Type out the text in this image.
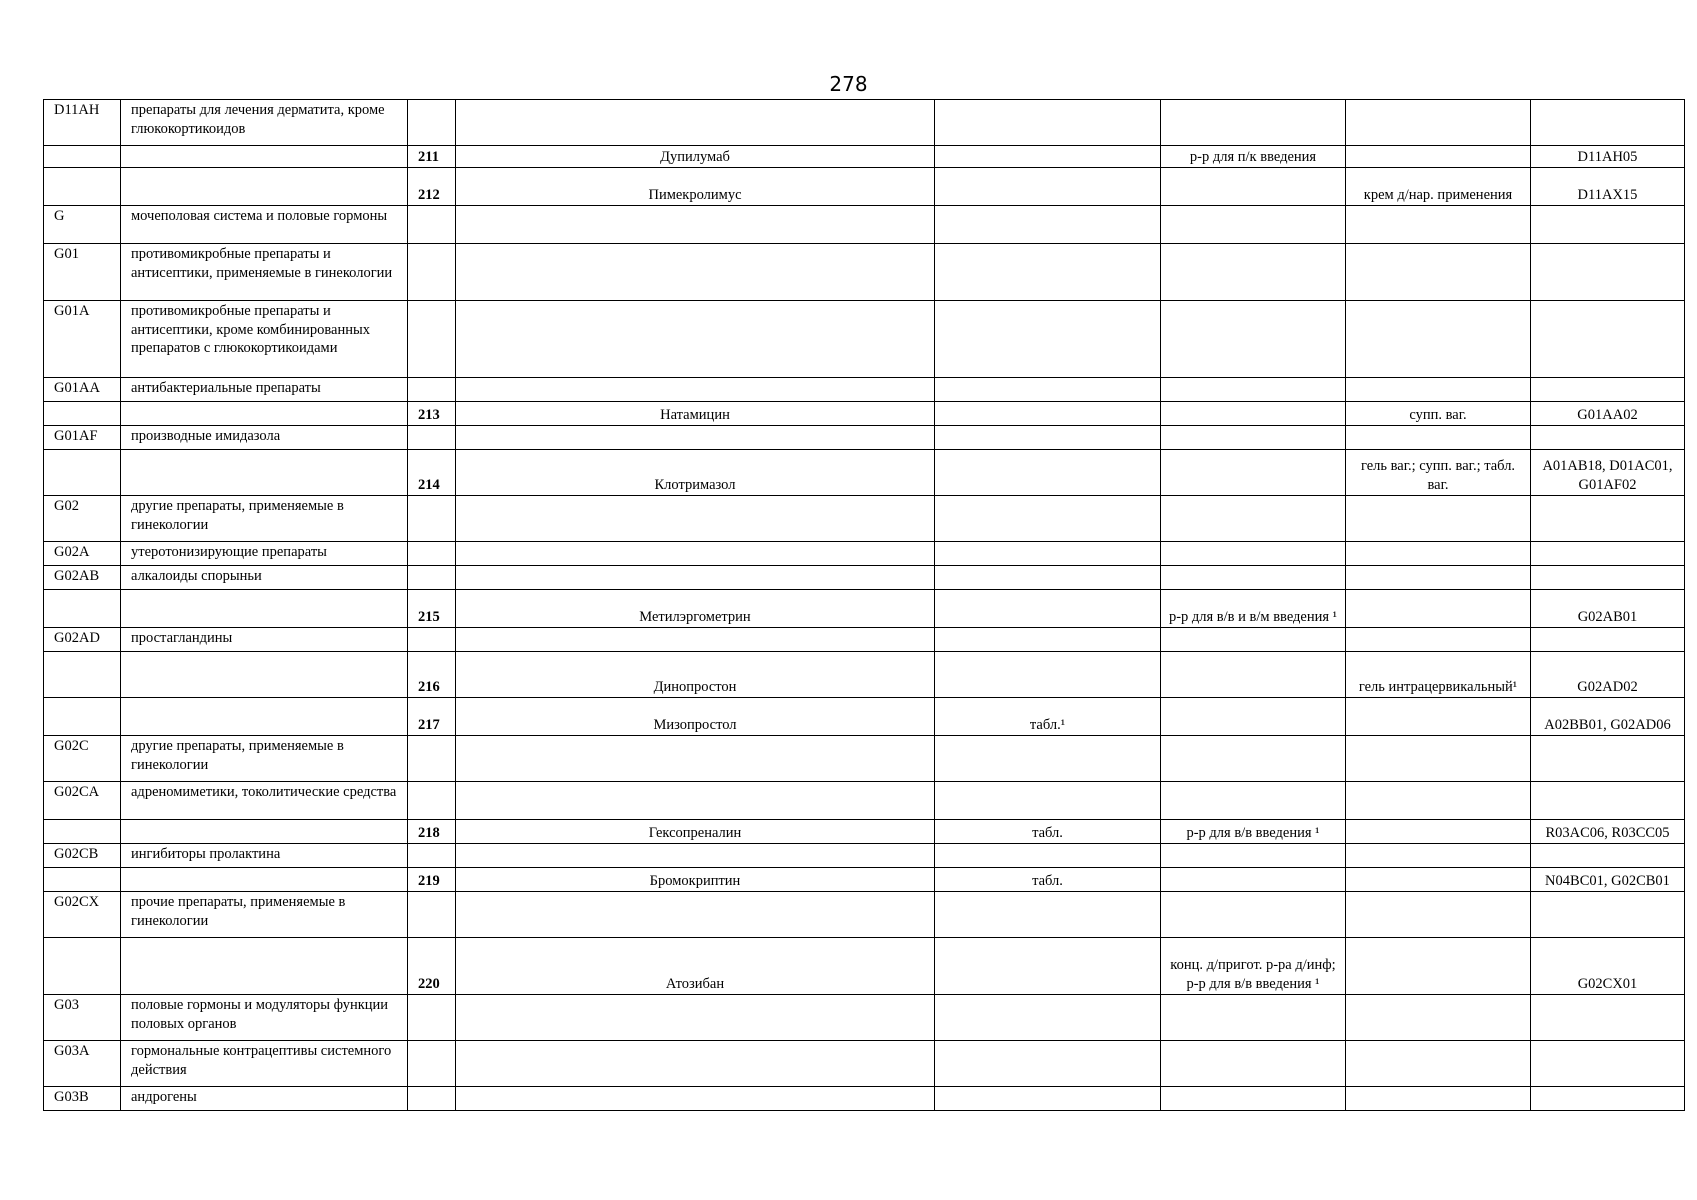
278
D11AH	препараты для лечения дерматита, кроме глюкокортикоидов						
		211	Дупилумаб		р-р для п/к введения		D11AH05
		212	Пимекролимус			крем д/нар. применения	D11AX15
G	мочеполовая система и половые гормоны						
G01	противомикробные препараты и антисептики, применяемые в гинекологии						
G01A	противомикробные препараты и антисептики, кроме комбинированных препаратов с глюкокортикоидами						
G01AA	антибактериальные препараты						
		213	Натамицин			супп. ваг.	G01AA02
G01AF	производные имидазола						
		214	Клотримазол			гель ваг.; супп. ваг.; табл. ваг.	A01AB18, D01AC01, G01AF02
G02	другие препараты, применяемые в гинекологии						
G02A	утеротонизирующие препараты						
G02AB	алкалоиды спорыньи						
		215	Метилэргометрин		р-р для в/в и в/м введения ¹		G02AB01
G02AD	простагландины						
		216	Динопростон			гель интрацервикальный¹	G02AD02
		217	Мизопростол	табл.¹			A02BB01, G02AD06
G02C	другие препараты, применяемые в гинекологии						
G02CA	адреномиметики, токолитические средства						
		218	Гексопреналин	табл.	р-р для в/в введения ¹		R03AC06, R03CC05
G02CB	ингибиторы пролактина						
		219	Бромокриптин	табл.			N04BC01, G02CB01
G02CX	прочие препараты, применяемые в гинекологии						
		220	Атозибан		конц. д/пригот. р-ра д/инф; р-р для в/в введения ¹		G02CX01
G03	половые гормоны и модуляторы функции половых органов						
G03A	гормональные контрацептивы системного действия						
G03B	андрогены						
